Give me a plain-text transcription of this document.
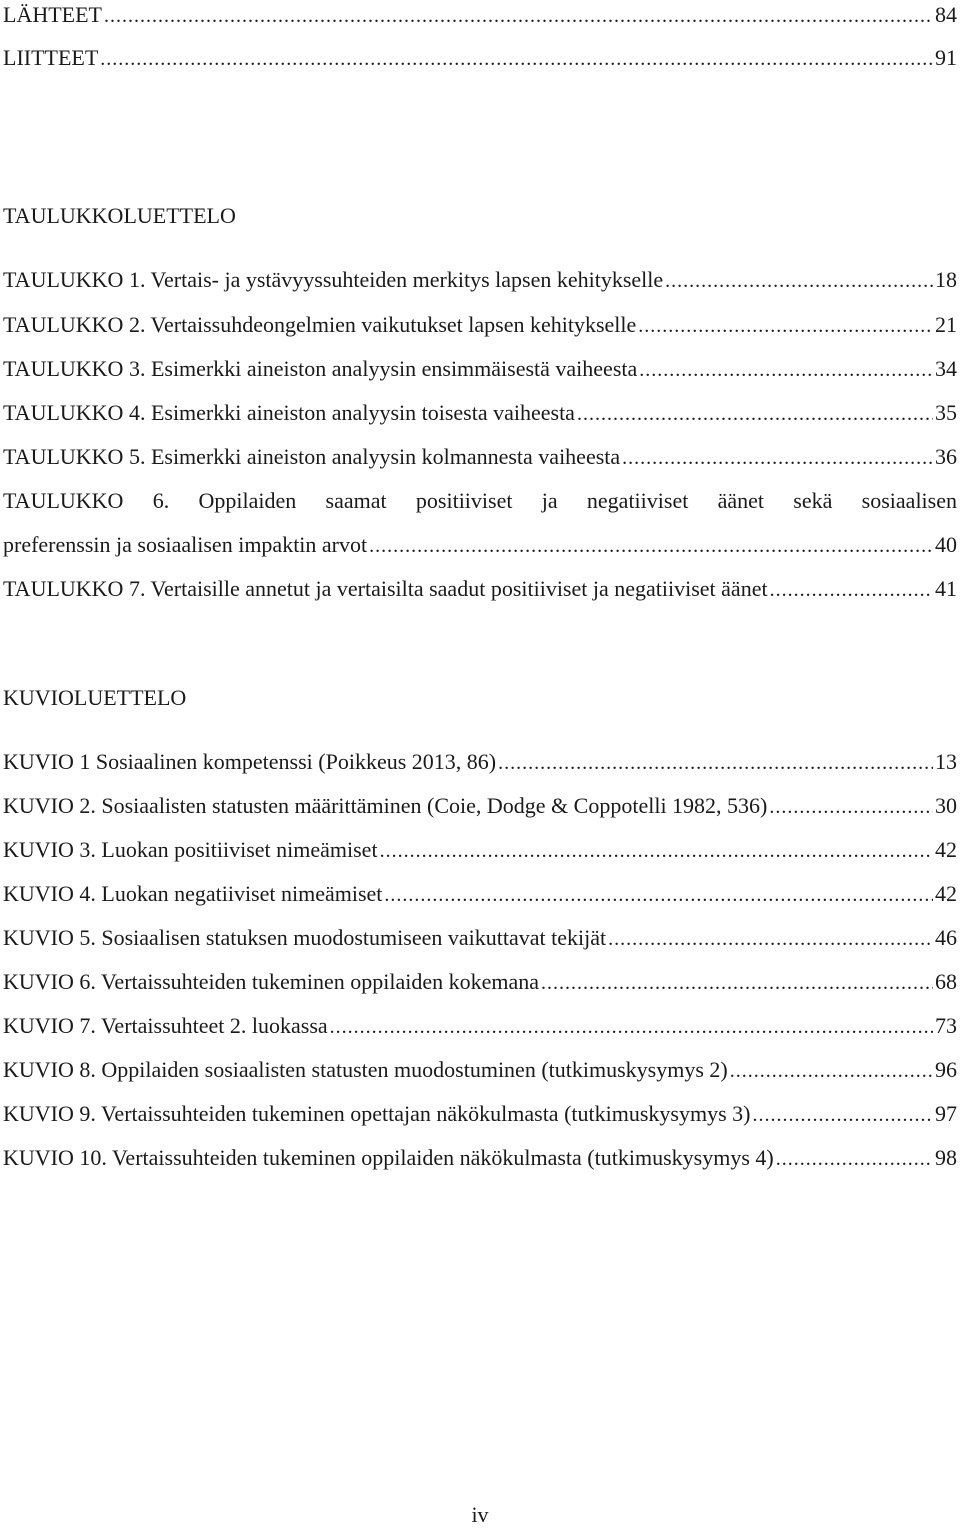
LÄHTEET .....	84
LIITTEET .....	91
TAULUKKOLUETTELO
TAULUKKO 1. Vertais- ja ystävyyssuhteiden merkitys lapsen kehitykselle .....	18
TAULUKKO 2. Vertaissuhdeongelmien vaikutukset lapsen kehitykselle .....	21
TAULUKKO 3. Esimerkki aineiston analyysin ensimmäisestä vaiheesta .....	34
TAULUKKO 4. Esimerkki aineiston analyysin toisesta vaiheesta .....	35
TAULUKKO 5. Esimerkki aineiston analyysin kolmannesta vaiheesta .....	36
TAULUKKO 6. Oppilaiden saamat positiiviset ja negatiiviset äänet sekä sosiaalisen
preferenssin ja sosiaalisen impaktin arvot .....	40
TAULUKKO 7. Vertaisille annetut ja vertaisilta saadut positiiviset ja negatiiviset äänet .....	41
KUVIOLUETTELO
KUVIO 1 Sosiaalinen kompetenssi (Poikkeus 2013, 86) .....	13
KUVIO 2. Sosiaalisten statusten määrittäminen (Coie, Dodge & Coppotelli 1982, 536) .....	30
KUVIO 3. Luokan positiiviset nimeämiset .....	42
KUVIO 4. Luokan negatiiviset nimeämiset .....	42
KUVIO 5. Sosiaalisen statuksen muodostumiseen vaikuttavat tekijät .....	46
KUVIO 6. Vertaissuhteiden tukeminen oppilaiden kokemana .....	68
KUVIO 7. Vertaissuhteet 2. luokassa .....	73
KUVIO 8. Oppilaiden sosiaalisten statusten muodostuminen (tutkimuskysymys 2) .....	96
KUVIO 9. Vertaissuhteiden tukeminen opettajan näkökulmasta (tutkimuskysymys 3) .....	97
KUVIO 10. Vertaissuhteiden tukeminen oppilaiden näkökulmasta (tutkimuskysymys 4) .....	98
iv
